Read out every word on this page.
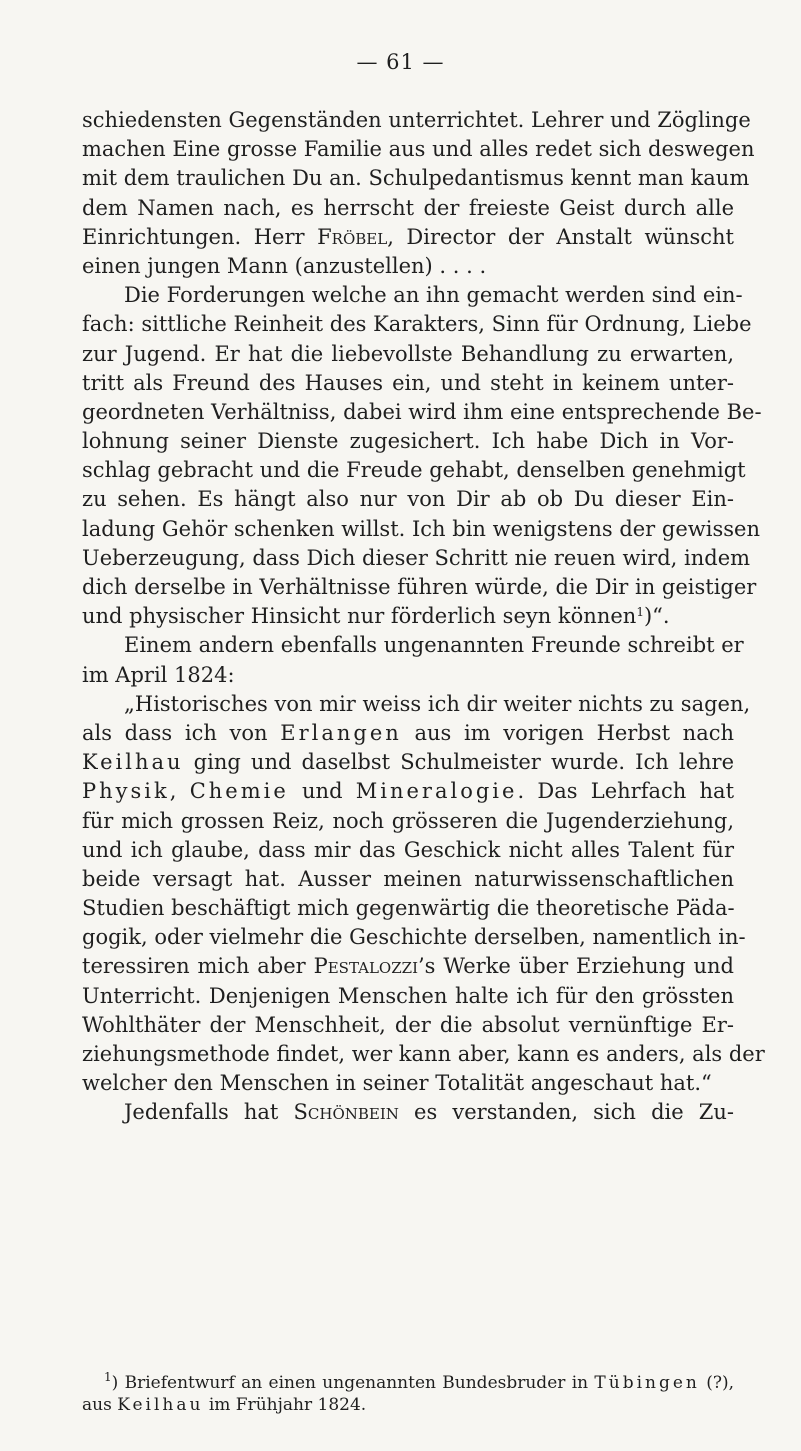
— 61 —
schiedensten Gegenständen unterrichtet. Lehrer und Zöglinge
machen Eine grosse Familie aus und alles redet sich deswegen
mit dem traulichen Du an. Schulpedantismus kennt man kaum
dem Namen nach, es herrscht der freieste Geist durch alle
Einrichtungen. Herr Fröbel, Director der Anstalt wünscht
einen jungen Mann (anzustellen) . . . .
Die Forderungen welche an ihn gemacht werden sind ein-
fach: sittliche Reinheit des Karakters, Sinn für Ordnung, Liebe
zur Jugend. Er hat die liebevollste Behandlung zu erwarten,
tritt als Freund des Hauses ein, und steht in keinem unter-
geordneten Verhältniss, dabei wird ihm eine entsprechende Be-
lohnung seiner Dienste zugesichert. Ich habe Dich in Vor-
schlag gebracht und die Freude gehabt, denselben genehmigt
zu sehen. Es hängt also nur von Dir ab ob Du dieser Ein-
ladung Gehör schenken willst. Ich bin wenigstens der gewissen
Ueberzeugung, dass Dich dieser Schritt nie reuen wird, indem
dich derselbe in Verhältnisse führen würde, die Dir in geistiger
und physischer Hinsicht nur förderlich seyn können$^1$)“.
Einem andern ebenfalls ungenannten Freunde schreibt er
im April 1824:
„Historisches von mir weiss ich dir weiter nichts zu sagen,
als dass ich von Erlangen aus im vorigen Herbst nach
Keilhau ging und daselbst Schulmeister wurde. Ich lehre
Physik, Chemie und Mineralogie. Das Lehrfach hat
für mich grossen Reiz, noch grösseren die Jugenderziehung,
und ich glaube, dass mir das Geschick nicht alles Talent für
beide versagt hat. Ausser meinen naturwissenschaftlichen
Studien beschäftigt mich gegenwärtig die theoretische Päda-
gogik, oder vielmehr die Geschichte derselben, namentlich in-
teressiren mich aber Pestalozzi’s Werke über Erziehung und
Unterricht. Denjenigen Menschen halte ich für den grössten
Wohlthäter der Menschheit, der die absolut vernünftige Er-
ziehungsmethode findet, wer kann aber, kann es anders, als der
welcher den Menschen in seiner Totalität angeschaut hat.“
Jedenfalls hat Schönbein es verstanden, sich die Zu-
$^1$) Briefentwurf an einen ungenannten Bundesbruder in Tübingen (?),
aus Keilhau im Frühjahr 1824.
